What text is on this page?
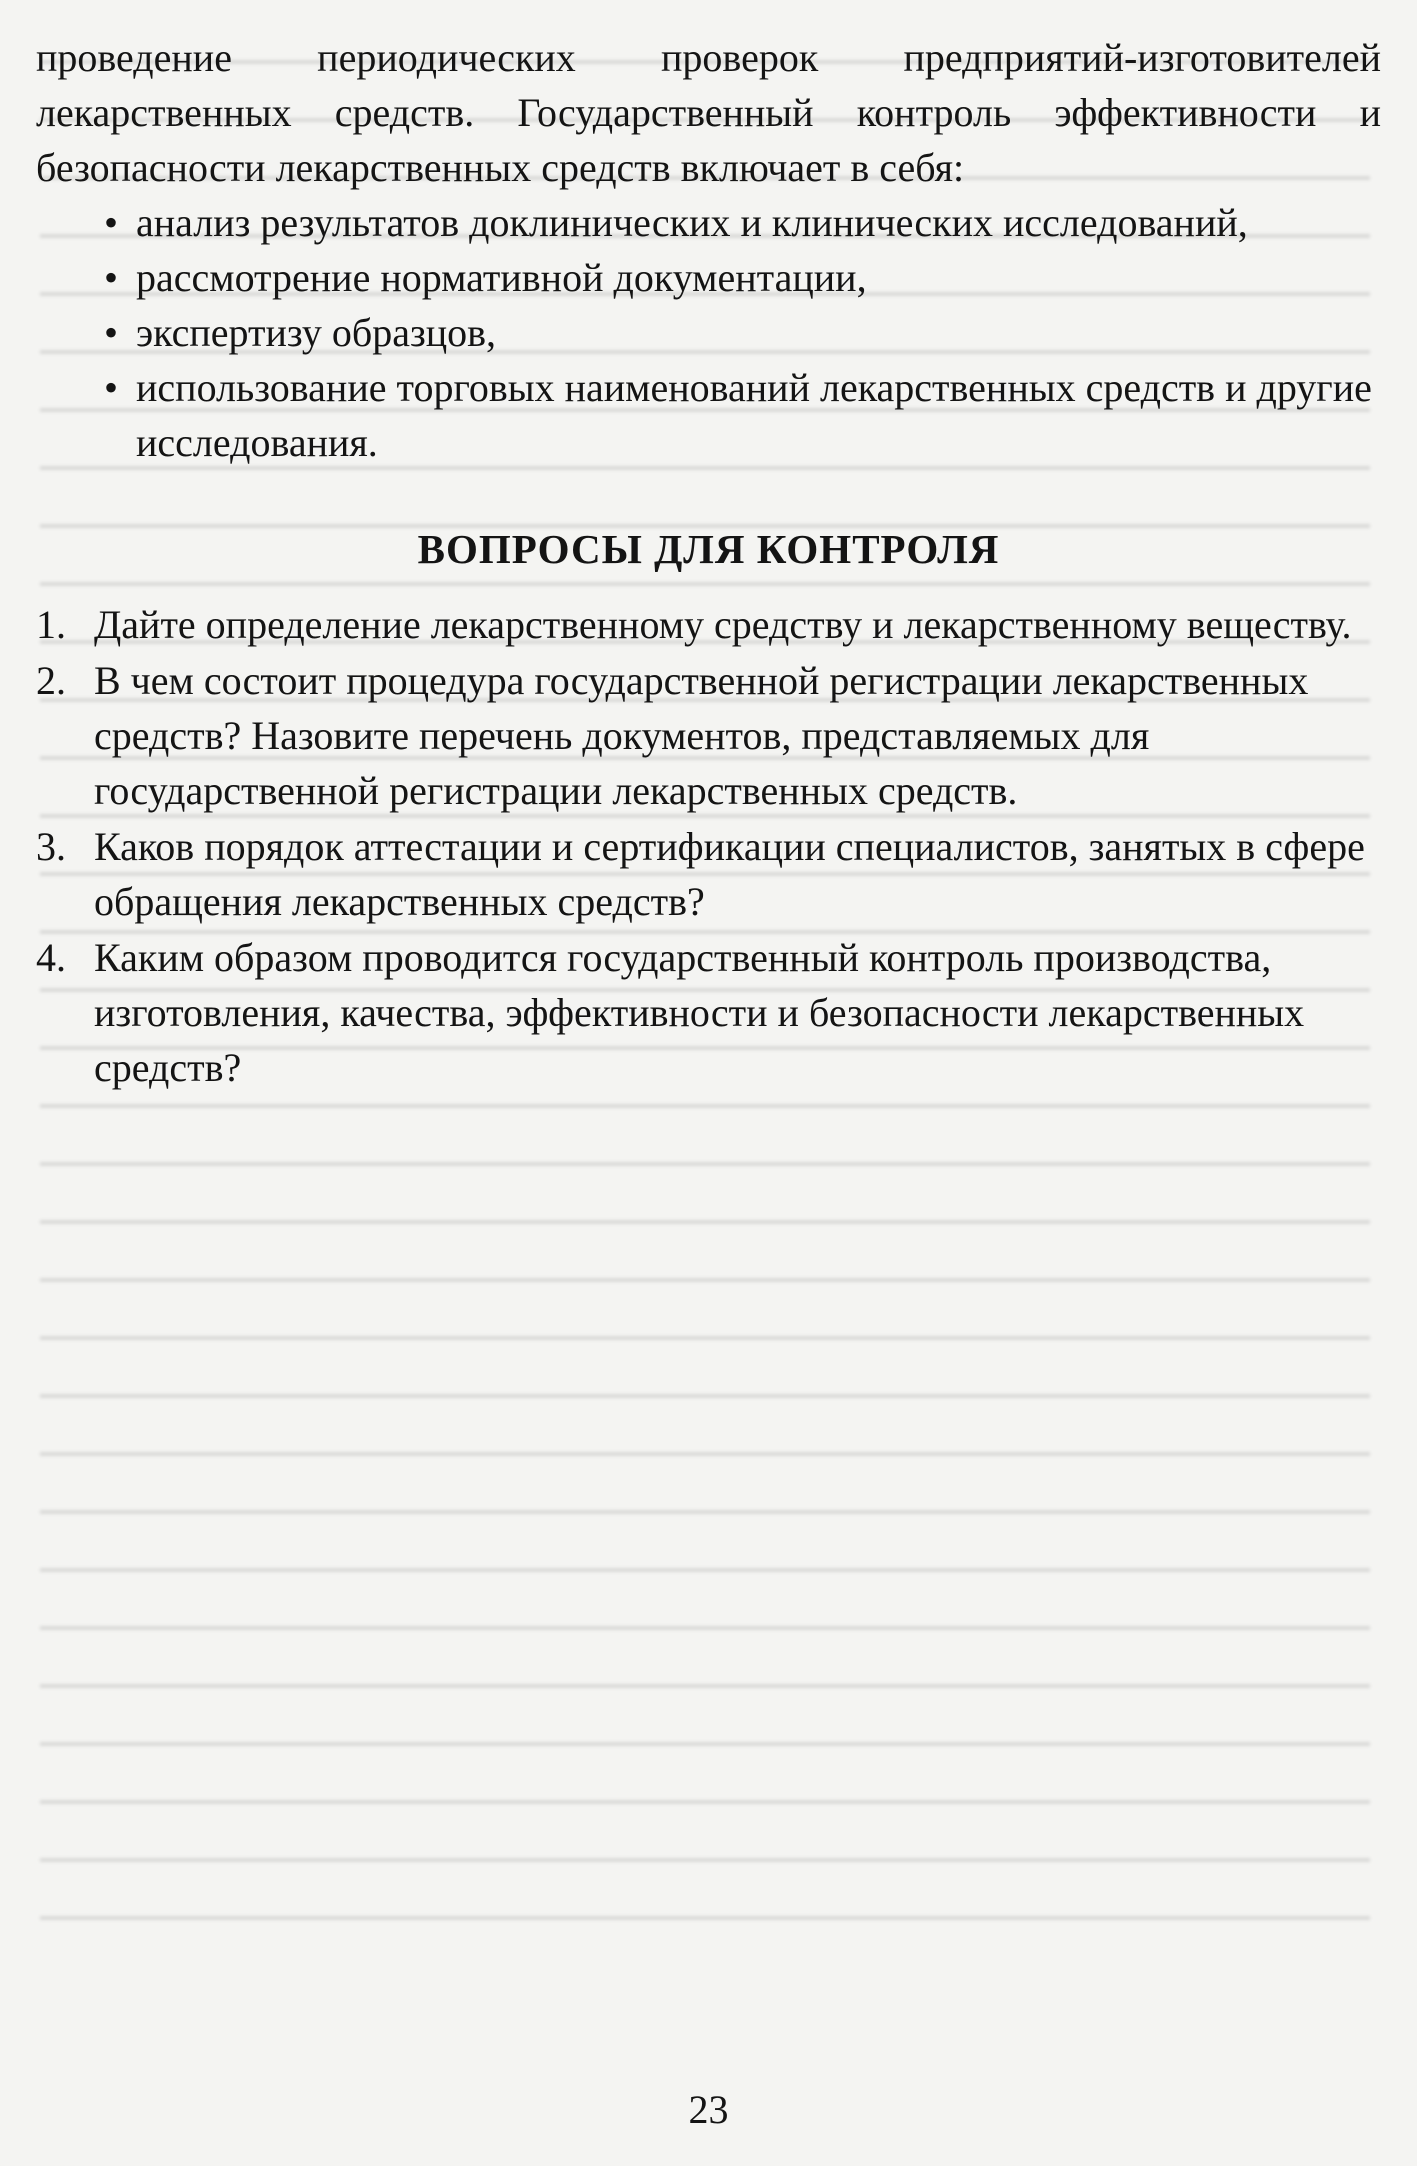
проведение периодических проверок предприятий-изготовителей лекарственных средств. Государственный контроль эффективности и безопасности лекарственных средств включает в себя:

• анализ результатов доклинических и клинических исследований,
• рассмотрение нормативной документации,
• экспертизу образцов,
• использование торговых наименований лекарственных средств и другие исследования.
ВОПРОСЫ ДЛЯ КОНТРОЛЯ
1. Дайте определение лекарственному средству и лекарственному веществу.
2. В чем состоит процедура государственной регистрации лекарственных средств? Назовите перечень документов, представляемых для государственной регистрации лекарственных средств.
3. Каков порядок аттестации и сертификации специалистов, занятых в сфере обращения лекарственных средств?
4. Каким образом проводится государственный контроль производства, изготовления, качества, эффективности и безопасности лекарственных средств?
23
